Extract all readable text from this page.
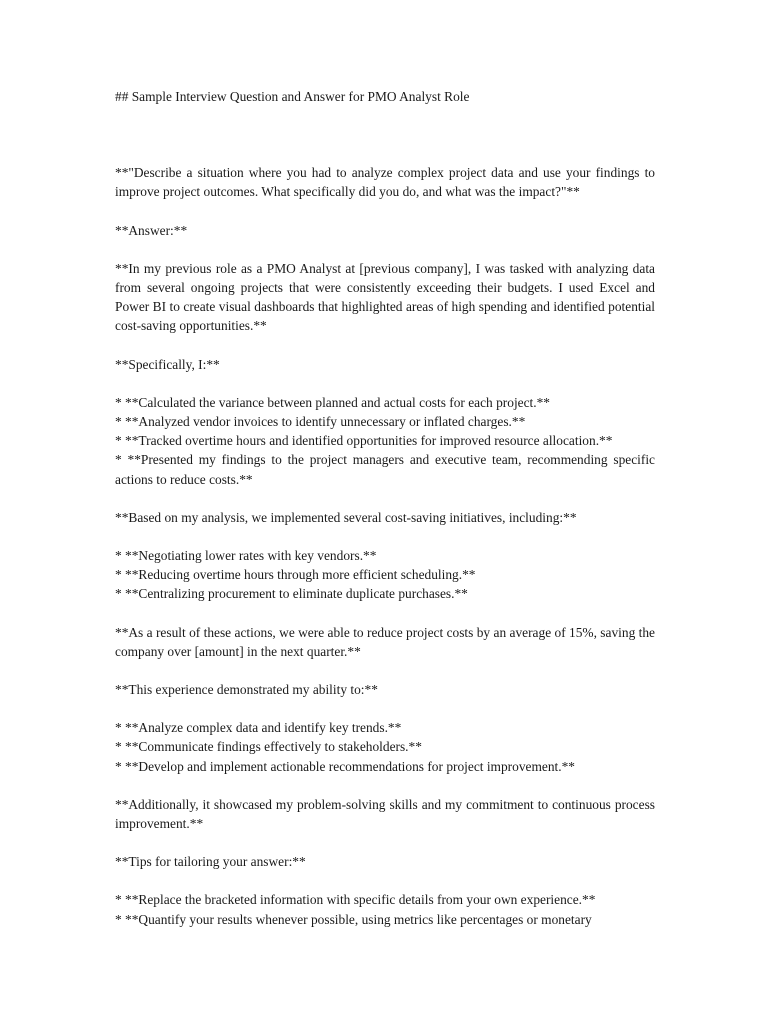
## Sample Interview Question and Answer for PMO Analyst Role

**"Describe a situation where you had to analyze complex project data and use your findings to improve project outcomes. What specifically did you do, and what was the impact?"**

**Answer:**

**In my previous role as a PMO Analyst at [previous company], I was tasked with analyzing data from several ongoing projects that were consistently exceeding their budgets. I used Excel and Power BI to create visual dashboards that highlighted areas of high spending and identified potential cost-saving opportunities.**

**Specifically, I:**

* **Calculated the variance between planned and actual costs for each project.**
* **Analyzed vendor invoices to identify unnecessary or inflated charges.**
* **Tracked overtime hours and identified opportunities for improved resource allocation.**
* **Presented my findings to the project managers and executive team, recommending specific actions to reduce costs.**

**Based on my analysis, we implemented several cost-saving initiatives, including:**

* **Negotiating lower rates with key vendors.**
* **Reducing overtime hours through more efficient scheduling.**
* **Centralizing procurement to eliminate duplicate purchases.**

**As a result of these actions, we were able to reduce project costs by an average of 15%, saving the company over [amount] in the next quarter.**

**This experience demonstrated my ability to:**

* **Analyze complex data and identify key trends.**
* **Communicate findings effectively to stakeholders.**
* **Develop and implement actionable recommendations for project improvement.**

**Additionally, it showcased my problem-solving skills and my commitment to continuous process improvement.**

**Tips for tailoring your answer:**

* **Replace the bracketed information with specific details from your own experience.**
* **Quantify your results whenever possible, using metrics like percentages or monetary
